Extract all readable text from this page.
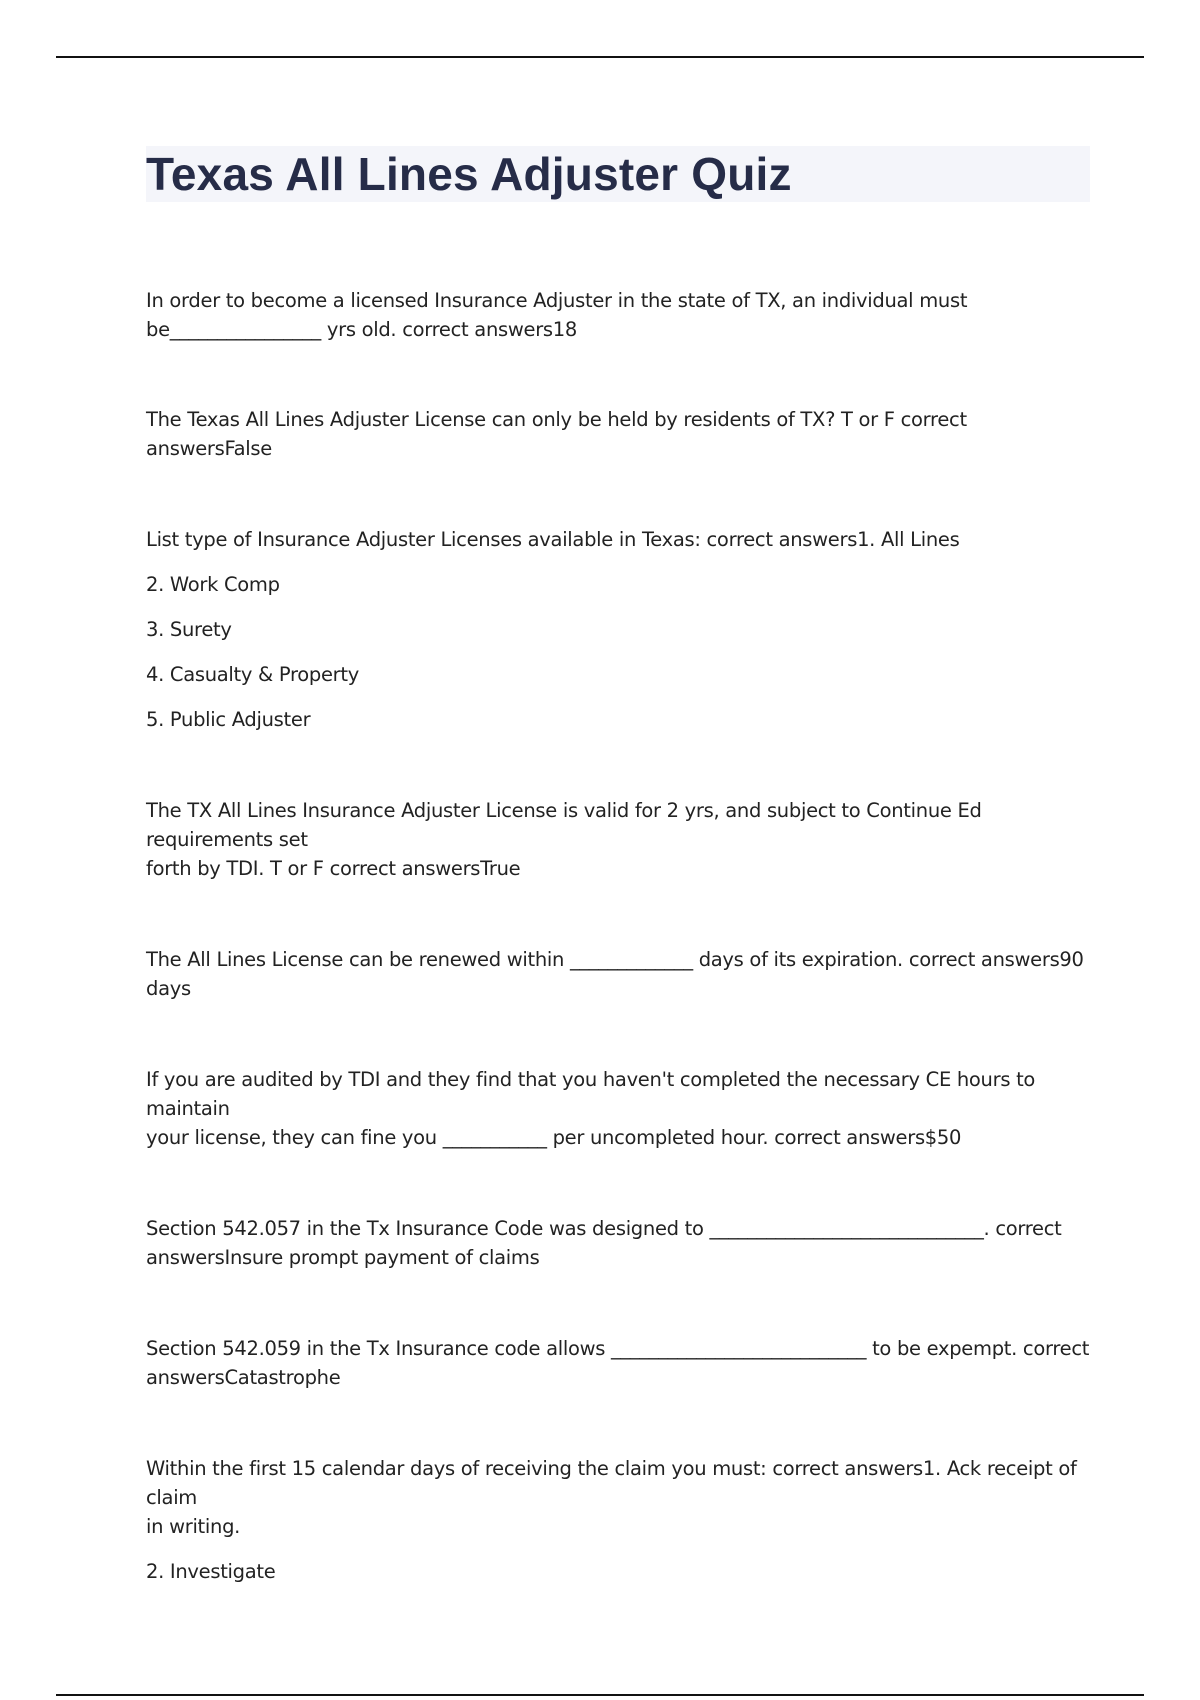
Texas All Lines Adjuster Quiz

In order to become a licensed Insurance Adjuster in the state of TX, an individual must

be________________ yrs old. correct answers18

The Texas All Lines Adjuster License can only be held by residents of TX? T or F correct answersFalse

List type of Insurance Adjuster Licenses available in Texas: correct answers1. All Lines

2. Work Comp

3. Surety

4. Casualty & Property

5. Public Adjuster

The TX All Lines Insurance Adjuster License is valid for 2 yrs, and subject to Continue Ed requirements set

forth by TDI. T or F correct answersTrue

The All Lines License can be renewed within _____________ days of its expiration. correct answers90 days

If you are audited by TDI and they find that you haven't completed the necessary CE hours to maintain

your license, they can fine you ___________ per uncompleted hour. correct answers$50

Section 542.057 in the Tx Insurance Code was designed to _____________________________. correct

answersInsure prompt payment of claims

Section 542.059 in the Tx Insurance code allows ___________________________ to be expempt. correct

answersCatastrophe

Within the first 15 calendar days of receiving the claim you must: correct answers1. Ack receipt of claim

in writing.

2. Investigate
